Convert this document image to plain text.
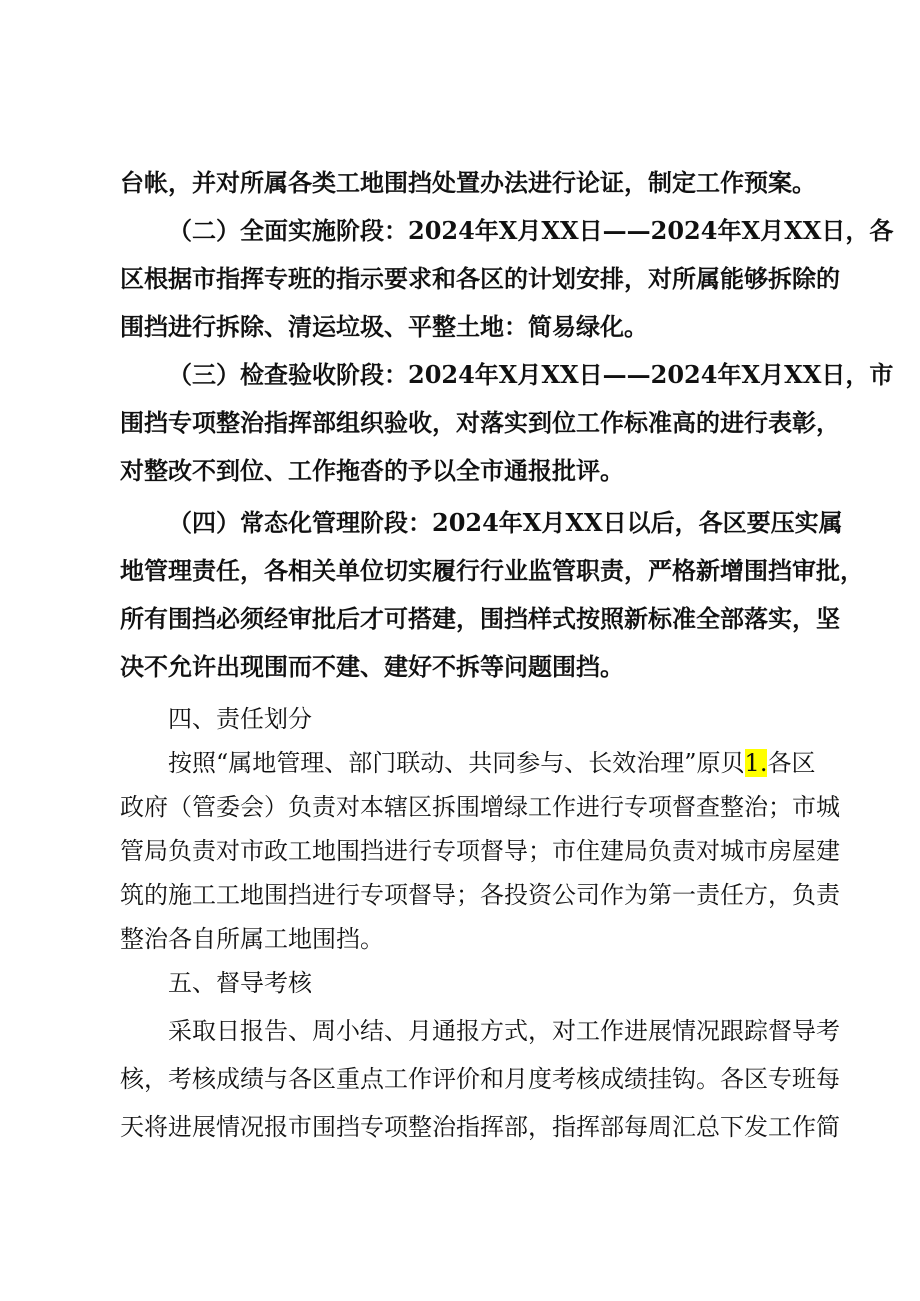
台帐，并对所属各类工地围挡处置办法进行论证，制定工作预案。
（二）全面实施阶段：2024年X月XX日——2024年X月XX日，各
区根据市指挥专班的指示要求和各区的计划安排，对所属能够拆除的
围挡进行拆除、清运垃圾、平整土地：简易绿化。
（三）检查验收阶段：2024年X月XX日——2024年X月XX日，市
围挡专项整治指挥部组织验收，对落实到位工作标准高的进行表彰，
对整改不到位、工作拖沓的予以全市通报批评。
（四）常态化管理阶段：2024年X月XX日以后，各区要压实属
地管理责任，各相关单位切实履行行业监管职责，严格新增围挡审批，
所有围挡必须经审批后才可搭建，围挡样式按照新标准全部落实，坚
决不允许出现围而不建、建好不拆等问题围挡。
四、责任划分
按照“属地管理、部门联动、共同参与、长效治理”原贝1.各区
政府（管委会）负责对本辖区拆围增绿工作进行专项督查整治；市城
管局负责对市政工地围挡进行专项督导；市住建局负责对城市房屋建
筑的施工工地围挡进行专项督导；各投资公司作为第一责任方，负责
整治各自所属工地围挡。
五、督导考核
采取日报告、周小结、月通报方式，对工作进展情况跟踪督导考
核，考核成绩与各区重点工作评价和月度考核成绩挂钩。各区专班每
天将进展情况报市围挡专项整治指挥部，指挥部每周汇总下发工作简
